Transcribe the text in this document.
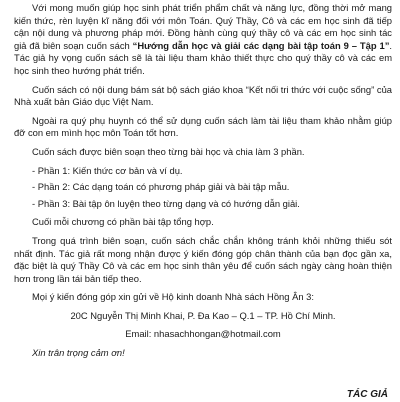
Với mong muốn giúp học sinh phát triển phẩm chất và năng lực, đồng thời mở mang kiến thức, rèn luyện kĩ năng đối với môn Toán. Quý Thầy, Cô và các em học sinh đã tiếp cận nội dung và phương pháp mới. Đồng hành cùng quý thầy cô và các em học sinh tác giả đã biên soạn cuốn sách “Hướng dẫn học và giải các dạng bài tập toán 9 – Tập 1”. Tác giả hy vọng cuốn sách sẽ là tài liệu tham khảo thiết thực cho quý thầy cô và các em học sinh theo hướng phát triển.

Cuốn sách có nội dung bám sát bộ sách giáo khoa “Kết nối tri thức với cuộc sống” của Nhà xuất bản Giáo dục Việt Nam.

Ngoài ra quý phụ huynh có thể sử dụng cuốn sách làm tài liệu tham khảo nhằm giúp đỡ con em mình học môn Toán tốt hơn.

Cuốn sách được biên soạn theo từng bài học và chia làm 3 phần.

- Phần 1: Kiến thức cơ bản và ví dụ.

- Phần 2: Các dạng toán có phương pháp giải và bài tập mẫu.

- Phần 3: Bài tập ôn luyện theo từng dạng và có hướng dẫn giải.

Cuối mỗi chương có phần bài tập tổng hợp.

Trong quá trình biên soạn, cuốn sách chắc chắn không tránh khỏi những thiếu sót nhất định. Tác giả rất mong nhận được ý kiến đóng góp chân thành của bạn đọc gần xa, đặc biệt là quý Thầy Cô và các em học sinh thân yêu để cuốn sách ngày càng hoàn thiện hơn trong lần tái bản tiếp theo.

Mọi ý kiến đóng góp xin gửi về Hộ kinh doanh Nhà sách Hồng Ân 3:

20C Nguyễn Thị Minh Khai, P. Đa Kao – Q.1 – TP. Hồ Chí Minh.

Email: nhasachhongan@hotmail.com

Xin trân trọng cảm ơn!

TÁC GIẢ
